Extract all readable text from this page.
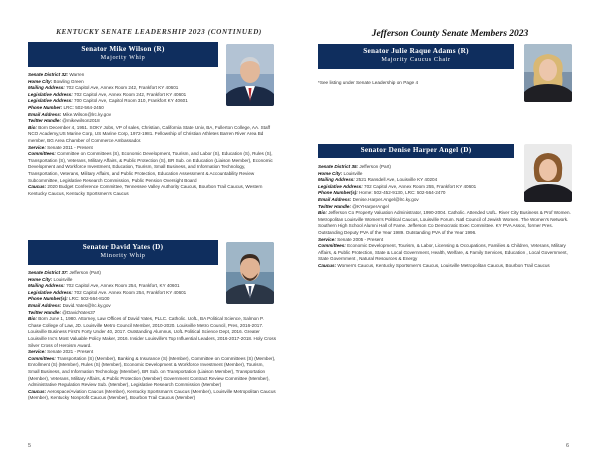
KENTUCKY SENATE LEADERSHIP 2023 (CONTINUED)
Senator Mike Wilson (R)
Majority Whip
Senate District 32: Warren
Home City: Bowling Green
Mailing Address: 702 Capitol Ave, Annex Room 242, Frankfort KY 40601
Legislative Address: 702 Capitol Ave, Annex Room 242, Frankfort KY 40601
Legislative Address: 700 Capitol Ave, Capitol Room 310, Frankfort KY 40601
Phone Number: LRC: 502-564-2450
Email Address: Mike.Wilson@lrc.ky.gov
Twitter Handle: @mikewilson2018
Bio: Born December 4, 1951. SOKY Jobs, VP of sales, Christian, California State Univ, BA, Fullerton College, AA. Staff NCO Academy,US Marine Corp, US Marine Corp, 1972-1981. Fellowship of Christian Athletes Barren River Area Bd member, BG Area Chamber of Commerce Ambassador.
Service: Senate 2011 - Present
Committees: Committee on Committees (S), Economic Development, Tourism, and Labor (S), Education (S), Rules (S), Transportation (S), Veterans, Military Affairs, & Public Protection (S), BR Sub. on Education (Liaison Member), Economic Development and Workforce Investment, Education, Tourism, Small Business, and Information Technology, Transportation, Veterans, Military Affairs, and Public Protection, Education Assessment & Accountability Review Subcommittee, Legislative Research Commission, Public Pension Oversight Board
Caucus: 2020 Budget Conference Committee, Tennessee Valley Authority Caucus, Bourbon Trail Caucus, Western Kentucky Caucus, Kentucky Sportsmen's Caucus
Senator David Yates (D)
Minority Whip
Senate District 37: Jefferson (Part)
Home City: Louisville
Mailing Address: 702 Capitol Ave, Annex Room 254, Frankfort, KY 40601
Legislative Address: 702 Capitol Ave. Annex Room 254, Frankfort KY 40601
Phone Number(s): LRC: 502-564-8100
Email Address: David.Yates@lrc.ky.gov
Twitter Handle: @DavidYates37
Bio: Born June 1, 1980. Attorney, Law Offices of David Yates, PLLC. Catholic. UofL, BA Political Science, Salmon P. Chase College of Law, JD. Louisville Metro Council Member, 2010-2020. Louisville Metro Council, Pres, 2016-2017. Louisville Business First's Forty Under 40, 2017. Outstanding Alumnus, UofL Political Science Dept, 2016. Greater Louisville Inc's Most Valuable Policy Maker, 2016. Insider Louisville's Top Influential Leaders, 2016-2017-2018. Holy Cross Silver Cross of Heroism Award.
Service: Senate 2021 - Present
Committees: Transportation (S) (Member), Banking & Insurance (S) (Member), Committee on Committees (S) (Member), Enrollment (S) (Member), Rules (S) (Member), Economic Development & Workforce Investment (Member), Tourism, Small Business, and Information Technology (Member), BR Sub. on Transportation (Liaison Member), Transportation (Member), Veterans, Military Affairs, & Public Protection (Member) Government Contract Review Committee (Member), Administrative Regulation Review Sub. (Member), Legislative Research Commission (Member)
Caucus: Aerospace/Aviation Caucus (Member), Kentucky Sportsman's Caucus (Member), Louisville Metropolitan Caucus (Member), Kentucky Nonprofit Caucus (Member), Bourbon Trail Caucus (Member)
5
Jefferson County Senate Members 2023
Senator Julie Raque Adams (R)
Majority Caucus Chair
*See listing under Senate Leadership on Page 4
Senator Denise Harper Angel (D)
Senate District 35: Jefferson (Part)
Home City: Louisville
Mailing Address: 2521 Ransdell Ave, Louisville KY 40204
Legislative Address: 702 Capitol Ave, Annex Room 255, Frankfort KY 40601
Phone Number(s): Home: 502-452-9130, LRC: 502-564-2470
Email Address: Denise.Harper.Angel@lrc.ky.gov
Twitter Handle: @KYHarperAngel
Bio: Jefferson Co Property Valuation Administrator, 1990-2004. Catholic. Attended UofL. River City Business & Prof Women. Metropolitan Louisville Women's Political Caucus, Louisville Forum. Natl Council of Jewish Women. The Women's Network. Southern High School Alumni Hall of Fame. Jefferson Co Democratic Exec Committee. KY PVA Assoc, former Pres. Outstanding Deputy PVA of the Year 1989. Outstanding PVA of the Year 1996.
Service: Senate 2005 - Present
Committees: Economic Development, Tourism, & Labor, Licensing & Occupations, Families & Children, Veterans, Military Affairs, & Public Protection, State & Local Government, Health, Welfare, & Family Services, Education , Local Government, State Government , Natural Resources & Energy
Caucus: Women's Caucus, Kentucky Sportsmen's Caucus, Louisville Metropolitan Caucus, Bourbon Trail Caucus
6
